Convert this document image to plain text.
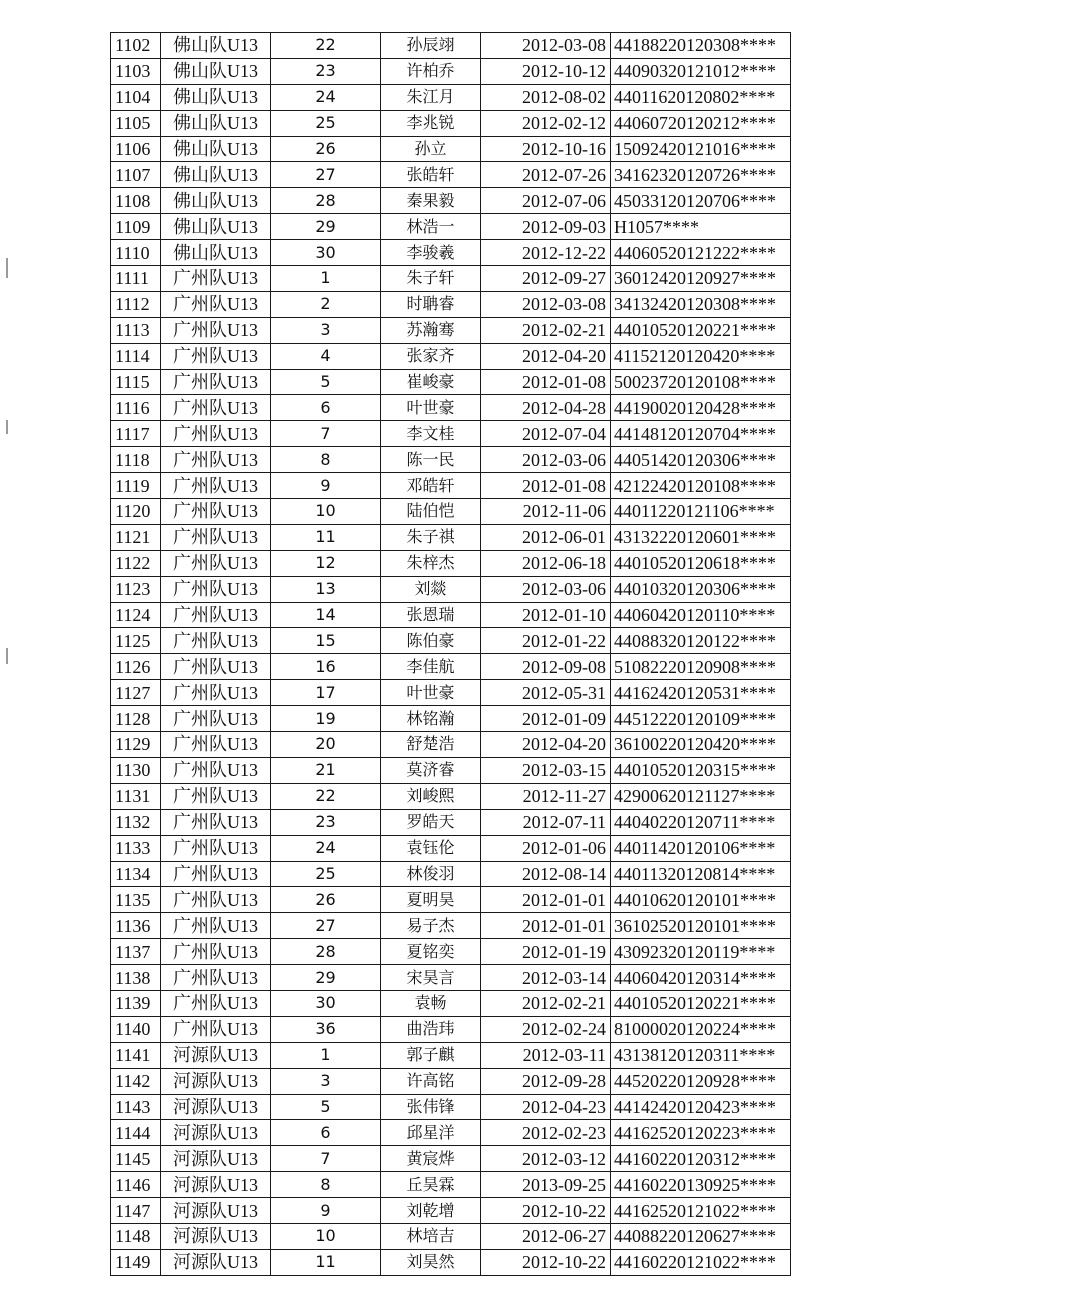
1102	佛山队U13	22	孙辰翊	2012-03-08	44188220120308****
1103	佛山队U13	23	许柏乔	2012-10-12	44090320121012****
1104	佛山队U13	24	朱江月	2012-08-02	44011620120802****
1105	佛山队U13	25	李兆锐	2012-02-12	44060720120212****
1106	佛山队U13	26	孙立	2012-10-16	15092420121016****
1107	佛山队U13	27	张皓轩	2012-07-26	34162320120726****
1108	佛山队U13	28	秦果毅	2012-07-06	45033120120706****
1109	佛山队U13	29	林浩一	2012-09-03	H1057****
1110	佛山队U13	30	李骏羲	2012-12-22	44060520121222****
1111	广州队U13	1	朱子轩	2012-09-27	36012420120927****
1112	广州队U13	2	时聃睿	2012-03-08	34132420120308****
1113	广州队U13	3	苏瀚骞	2012-02-21	44010520120221****
1114	广州队U13	4	张家齐	2012-04-20	41152120120420****
1115	广州队U13	5	崔峻豪	2012-01-08	50023720120108****
1116	广州队U13	6	叶世豪	2012-04-28	44190020120428****
1117	广州队U13	7	李文桂	2012-07-04	44148120120704****
1118	广州队U13	8	陈一民	2012-03-06	44051420120306****
1119	广州队U13	9	邓皓轩	2012-01-08	42122420120108****
1120	广州队U13	10	陆伯恺	2012-11-06	44011220121106****
1121	广州队U13	11	朱子祺	2012-06-01	43132220120601****
1122	广州队U13	12	朱梓杰	2012-06-18	44010520120618****
1123	广州队U13	13	刘燚	2012-03-06	44010320120306****
1124	广州队U13	14	张恩瑞	2012-01-10	44060420120110****
1125	广州队U13	15	陈伯豪	2012-01-22	44088320120122****
1126	广州队U13	16	李佳航	2012-09-08	51082220120908****
1127	广州队U13	17	叶世豪	2012-05-31	44162420120531****
1128	广州队U13	19	林铭瀚	2012-01-09	44512220120109****
1129	广州队U13	20	舒楚浩	2012-04-20	36100220120420****
1130	广州队U13	21	莫济睿	2012-03-15	44010520120315****
1131	广州队U13	22	刘峻熙	2012-11-27	42900620121127****
1132	广州队U13	23	罗皓天	2012-07-11	44040220120711****
1133	广州队U13	24	袁钰伦	2012-01-06	44011420120106****
1134	广州队U13	25	林俊羽	2012-08-14	44011320120814****
1135	广州队U13	26	夏明昊	2012-01-01	44010620120101****
1136	广州队U13	27	易子杰	2012-01-01	36102520120101****
1137	广州队U13	28	夏铭奕	2012-01-19	43092320120119****
1138	广州队U13	29	宋昊言	2012-03-14	44060420120314****
1139	广州队U13	30	袁畅	2012-02-21	44010520120221****
1140	广州队U13	36	曲浩玮	2012-02-24	81000020120224****
1141	河源队U13	1	郭子麒	2012-03-11	43138120120311****
1142	河源队U13	3	许高铭	2012-09-28	44520220120928****
1143	河源队U13	5	张伟锋	2012-04-23	44142420120423****
1144	河源队U13	6	邱星洋	2012-02-23	44162520120223****
1145	河源队U13	7	黄宸烨	2012-03-12	44160220120312****
1146	河源队U13	8	丘昊霖	2013-09-25	44160220130925****
1147	河源队U13	9	刘乾增	2012-10-22	44162520121022****
1148	河源队U13	10	林培吉	2012-06-27	44088220120627****
1149	河源队U13	11	刘昊然	2012-10-22	44160220121022****
